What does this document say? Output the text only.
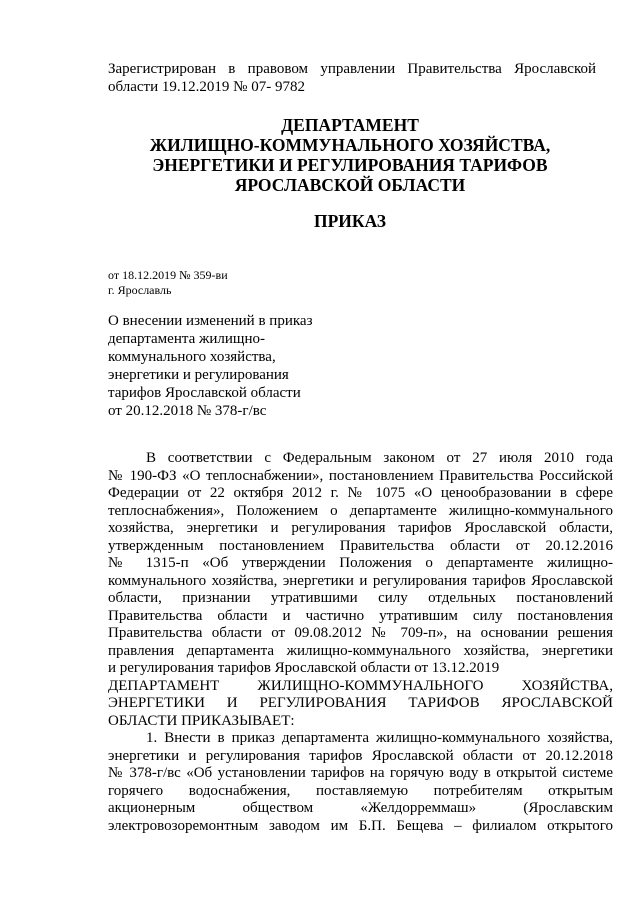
Зарегистрирован в правовом управлении Правительства Ярославской области 19.12.2019 № 07- 9782
ДЕПАРТАМЕНТ
ЖИЛИЩНО-КОММУНАЛЬНОГО ХОЗЯЙСТВА,
ЭНЕРГЕТИКИ И РЕГУЛИРОВАНИЯ ТАРИФОВ
ЯРОСЛАВСКОЙ ОБЛАСТИ
ПРИКАЗ
от 18.12.2019 № 359-ви
г. Ярославль
О внесении изменений в приказ
департамента жилищно-
коммунального хозяйства,
энергетики и регулирования
тарифов Ярославской области
от 20.12.2018 № 378-г/вс
В соответствии с Федеральным законом от 27 июля 2010 года
№ 190-ФЗ «О теплоснабжении», постановлением Правительства Российской
Федерации от 22 октября 2012 г. № 1075 «О ценообразовании в сфере
теплоснабжения», Положением о департаменте жилищно-коммунального
хозяйства, энергетики и регулирования тарифов Ярославской области,
утвержденным постановлением Правительства области от 20.12.2016
№ 1315-п «Об утверждении Положения о департаменте жилищно-
коммунального хозяйства, энергетики и регулирования тарифов Ярославской
области, признании утратившими силу отдельных постановлений
Правительства области и частично утратившим силу постановления
Правительства области от 09.08.2012 № 709-п», на основании решения
правления департамента жилищно-коммунального хозяйства, энергетики
и регулирования тарифов Ярославской области от 13.12.2019
ДЕПАРТАМЕНТ ЖИЛИЩНО-КОММУНАЛЬНОГО ХОЗЯЙСТВА,
ЭНЕРГЕТИКИ И РЕГУЛИРОВАНИЯ ТАРИФОВ ЯРОСЛАВСКОЙ
ОБЛАСТИ ПРИКАЗЫВАЕТ:
1. Внести в приказ департамента жилищно-коммунального хозяйства,
энергетики и регулирования тарифов Ярославской области от 20.12.2018
№ 378-г/вс «Об установлении тарифов на горячую воду в открытой системе
горячего водоснабжения, поставляемую потребителям открытым
акционерным обществом «Желдорреммаш» (Ярославским
электровозоремонтным заводом им Б.П. Бещева – филиалом открытого
